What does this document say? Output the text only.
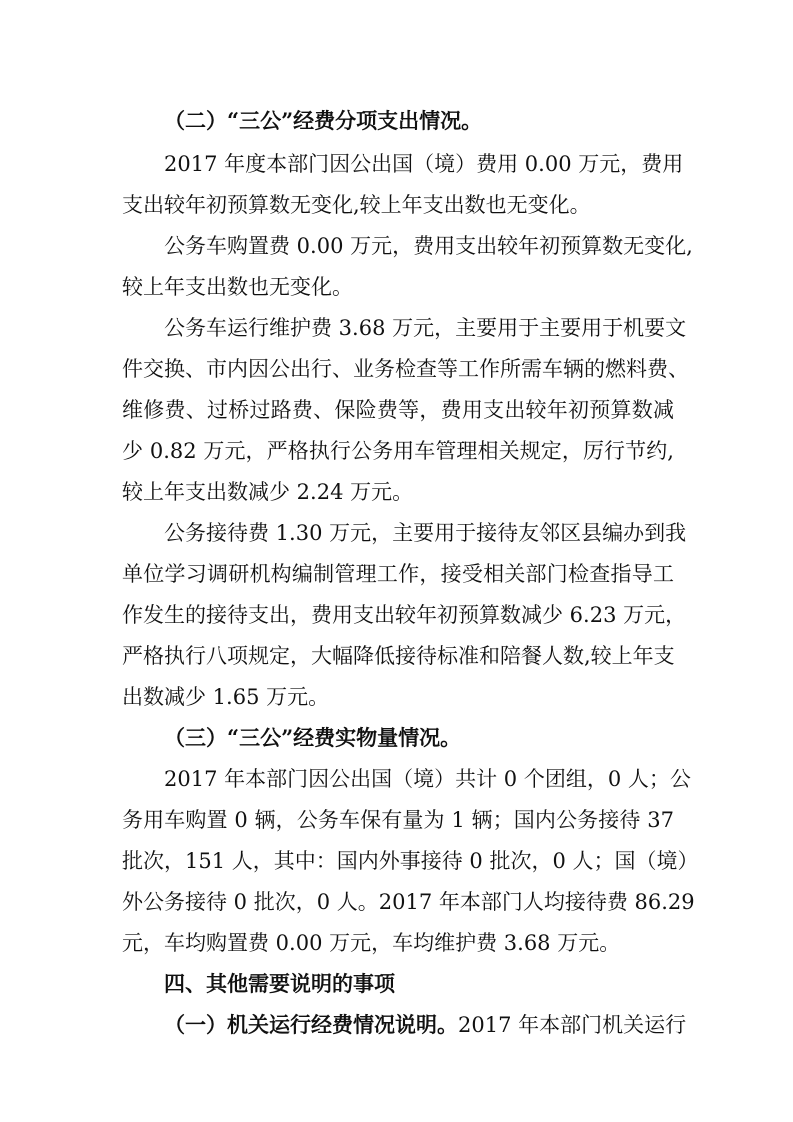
（二）“三公”经费分项支出情况。
2017 年度本部门因公出国（境）费用 0.00 万元，费用
支出较年初预算数无变化,较上年支出数也无变化。
公务车购置费 0.00 万元，费用支出较年初预算数无变化,
较上年支出数也无变化。
公务车运行维护费 3.68 万元，主要用于主要用于机要文
件交换、市内因公出行、业务检查等工作所需车辆的燃料费、
维修费、过桥过路费、保险费等，费用支出较年初预算数减
少 0.82 万元，严格执行公务用车管理相关规定，厉行节约,
较上年支出数减少 2.24 万元。
公务接待费 1.30 万元，主要用于接待友邻区县编办到我
单位学习调研机构编制管理工作，接受相关部门检查指导工
作发生的接待支出，费用支出较年初预算数减少 6.23 万元，
严格执行八项规定，大幅降低接待标准和陪餐人数,较上年支
出数减少 1.65 万元。
（三）“三公”经费实物量情况。
2017 年本部门因公出国（境）共计 0 个团组，0 人；公
务用车购置 0 辆，公务车保有量为 1 辆；国内公务接待 37
批次，151 人，其中：国内外事接待 0 批次，0 人；国（境）
外公务接待 0 批次，0 人。2017 年本部门人均接待费 86.29
元，车均购置费 0.00 万元，车均维护费 3.68 万元。
四、其他需要说明的事项
（一）机关运行经费情况说明。 2017 年本部门机关运行
